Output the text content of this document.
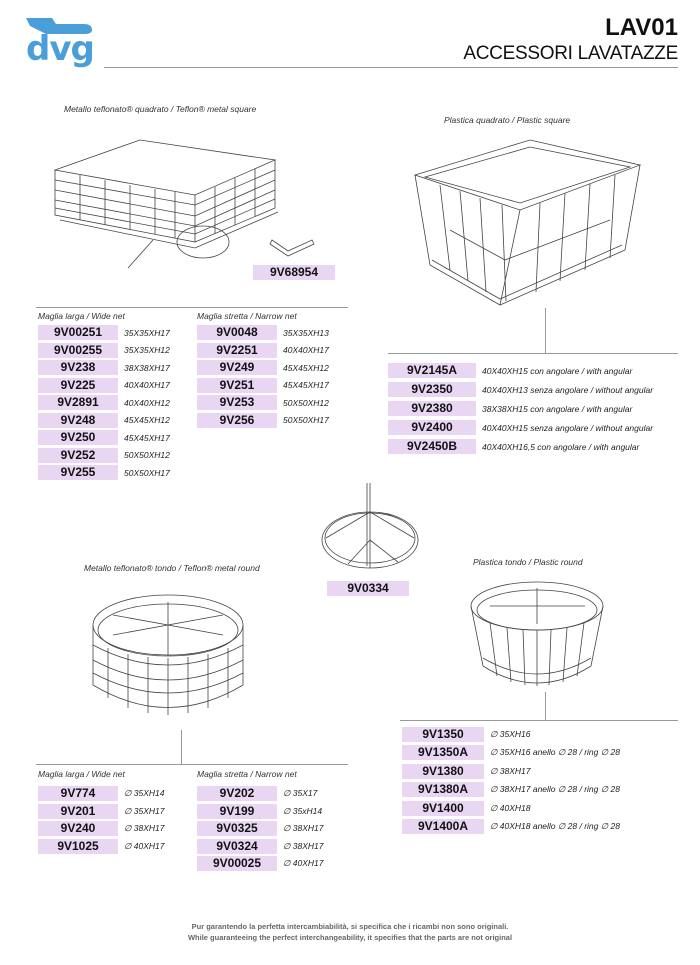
dvg
LAV01
ACCESSORI LAVATAZZE
Metallo teflonato® quadrato / Teflon® metal square
9V68954
Maglia larga / Wide net	Maglia stretta / Narrow net
9V00251	35X35XH17
9V00255	35X35XH12
9V238	38X38XH17
9V225	40X40XH17
9V2891	40X40XH12
9V248	45X45XH12
9V250	45X45XH17
9V252	50X50XH12
9V255	50X50XH17
9V0048	35X35XH13
9V2251	40X40XH17
9V249	45X45XH12
9V251	45X45XH17
9V253	50X50XH12
9V256	50X50XH17
Plastica quadrato / Plastic square
9V2145A	40X40XH15 con angolare / with angular
9V2350	40X40XH13 senza angolare / without angular
9V2380	38X38XH15 con angolare / with angular
9V2400	40X40XH15 senza angolare / without angular
9V2450B	40X40XH16,5 con angolare / with angular
9V0334
Metallo teflonato® tondo / Teflon® metal round
Maglia larga / Wide net	Maglia stretta / Narrow net
9V774	∅ 35XH14
9V201	∅ 35XH17
9V240	∅ 38XH17
9V1025	∅ 40XH17
9V202	∅ 35X17
9V199	∅ 35xH14
9V0325	∅ 38XH17
9V0324	∅ 38XH17
9V00025	∅ 40XH17
Plastica tondo / Plastic round
9V1350	∅ 35XH16
9V1350A	∅ 35XH16 anello ∅ 28 / ring ∅ 28
9V1380	∅ 38XH17
9V1380A	∅ 38XH17 anello ∅ 28 / ring ∅ 28
9V1400	∅ 40XH18
9V1400A	∅ 40XH18 anello ∅ 28 / ring ∅ 28
Pur garantendo la perfetta intercambiabilità, si specifica che i ricambi non sono originali.
While guaranteeing the perfect interchangeability, it specifies that the parts are not original
